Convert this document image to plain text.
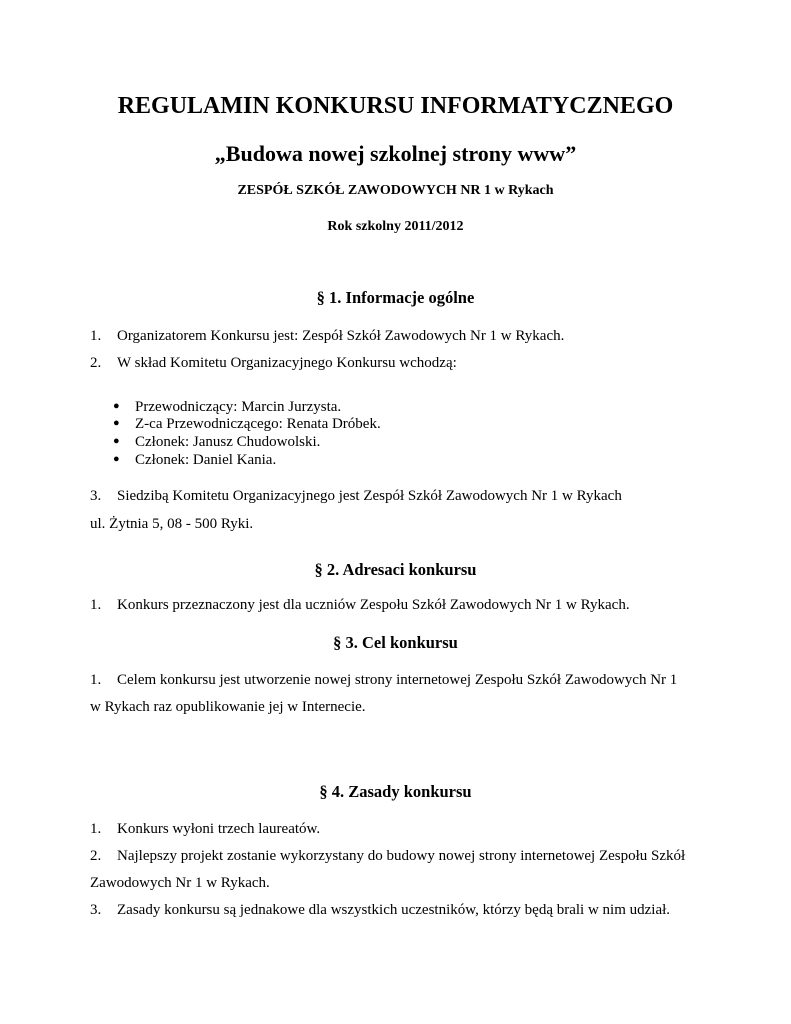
REGULAMIN KONKURSU INFORMATYCZNEGO
„Budowa nowej szkolnej strony www”
ZESPÓŁ SZKÓŁ ZAWODOWYCH NR 1 w Rykach
Rok szkolny 2011/2012
§ 1. Informacje ogólne
1. Organizatorem Konkursu jest: Zespół Szkół Zawodowych Nr 1 w Rykach.
2. W skład Komitetu Organizacyjnego Konkursu wchodzą:
● Przewodniczący: Marcin Jurzysta.
● Z-ca Przewodniczącego: Renata Dróbek.
● Członek: Janusz Chudowolski.
● Członek: Daniel Kania.
3. Siedzibą Komitetu Organizacyjnego jest Zespół Szkół Zawodowych Nr 1 w Rykach
ul. Żytnia 5, 08 - 500 Ryki.
§ 2. Adresaci konkursu
1. Konkurs przeznaczony jest dla uczniów Zespołu Szkół Zawodowych Nr 1 w Rykach.
§ 3. Cel konkursu
1. Celem konkursu jest utworzenie nowej strony internetowej Zespołu Szkół Zawodowych Nr 1
w Rykach raz opublikowanie jej w Internecie.
§ 4. Zasady konkursu
1. Konkurs wyłoni trzech laureatów.
2. Najlepszy projekt zostanie wykorzystany do budowy nowej strony internetowej Zespołu Szkół
Zawodowych Nr 1 w Rykach.
3. Zasady konkursu są jednakowe dla wszystkich uczestników, którzy będą brali w nim udział.
